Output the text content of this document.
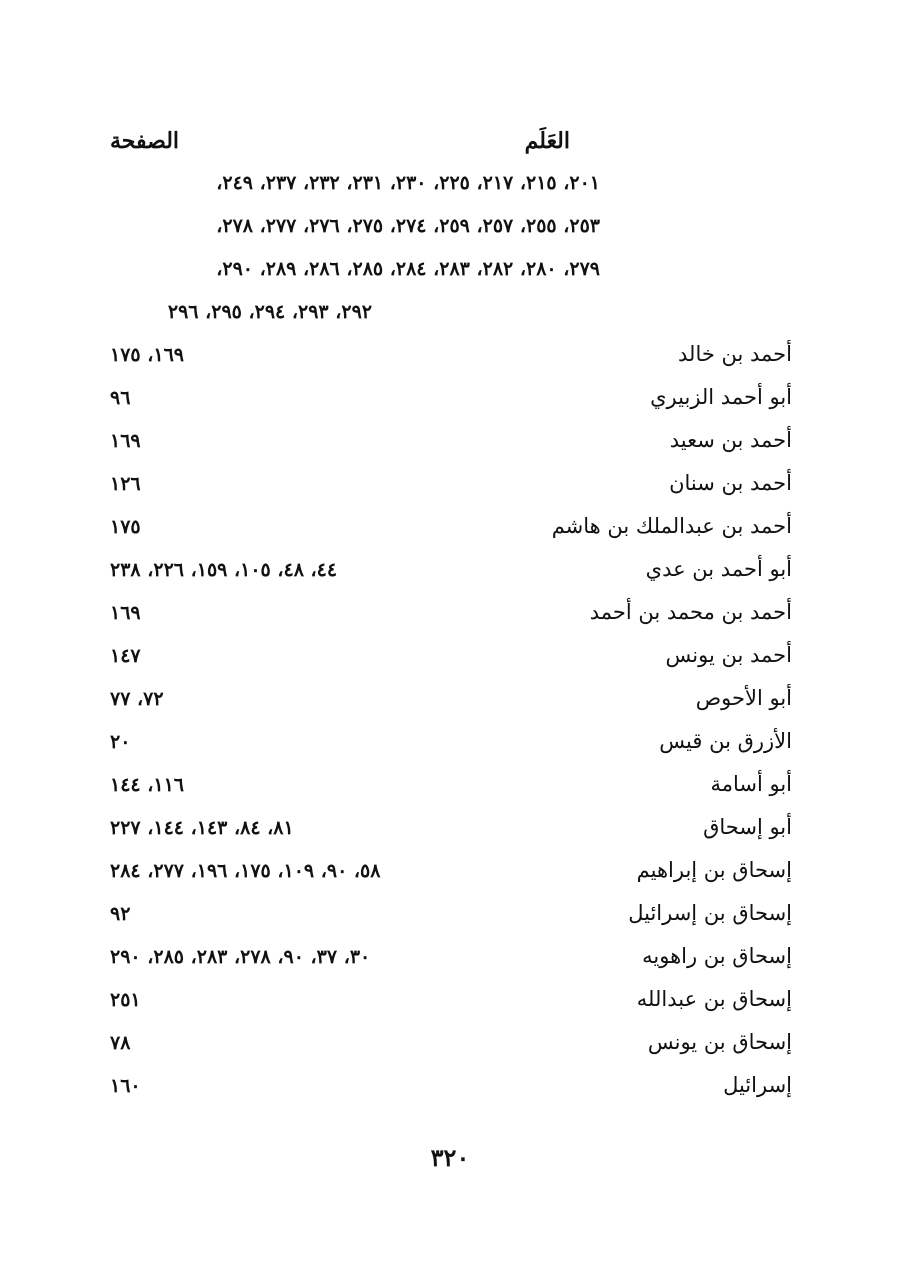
العَلَم
الصفحة
٢٠١، ٢١٥، ٢١٧، ٢٢٥، ٢٣٠، ٢٣١، ٢٣٢، ٢٣٧، ٢٤٩،
٢٥٣، ٢٥٥، ٢٥٧، ٢٥٩، ٢٧٤، ٢٧٥، ٢٧٦، ٢٧٧، ٢٧٨،
٢٧٩، ٢٨٠، ٢٨٢، ٢٨٣، ٢٨٤، ٢٨٥، ٢٨٦، ٢٨٩، ٢٩٠،
٢٩٢، ٢٩٣، ٢٩٤، ٢٩٥، ٢٩٦
أحمد بن خالد
١٦٩، ١٧٥
أبو أحمد الزبيري
٩٦
أحمد بن سعيد
١٦٩
أحمد بن سنان
١٢٦
أحمد بن عبدالملك بن هاشم
١٧٥
أبو أحمد بن عدي
٤٤، ٤٨، ١٠٥، ١٥٩، ٢٢٦، ٢٣٨
أحمد بن محمد بن أحمد
١٦٩
أحمد بن يونس
١٤٧
أبو الأحوص
٧٢، ٧٧
الأزرق بن قيس
٢٠
أبو أسامة
١١٦، ١٤٤
أبو إسحاق
٨١، ٨٤، ١٤٣، ١٤٤، ٢٢٧
إسحاق بن إبراهيم
٥٨، ٩٠، ١٠٩، ١٧٥، ١٩٦، ٢٧٧، ٢٨٤
إسحاق بن إسرائيل
٩٢
إسحاق بن راهويه
٣٠، ٣٧، ٩٠، ٢٧٨، ٢٨٣، ٢٨٥، ٢٩٠
إسحاق بن عبدالله
٢٥١
إسحاق بن يونس
٧٨
إسرائيل
١٦٠
٣٢٠
